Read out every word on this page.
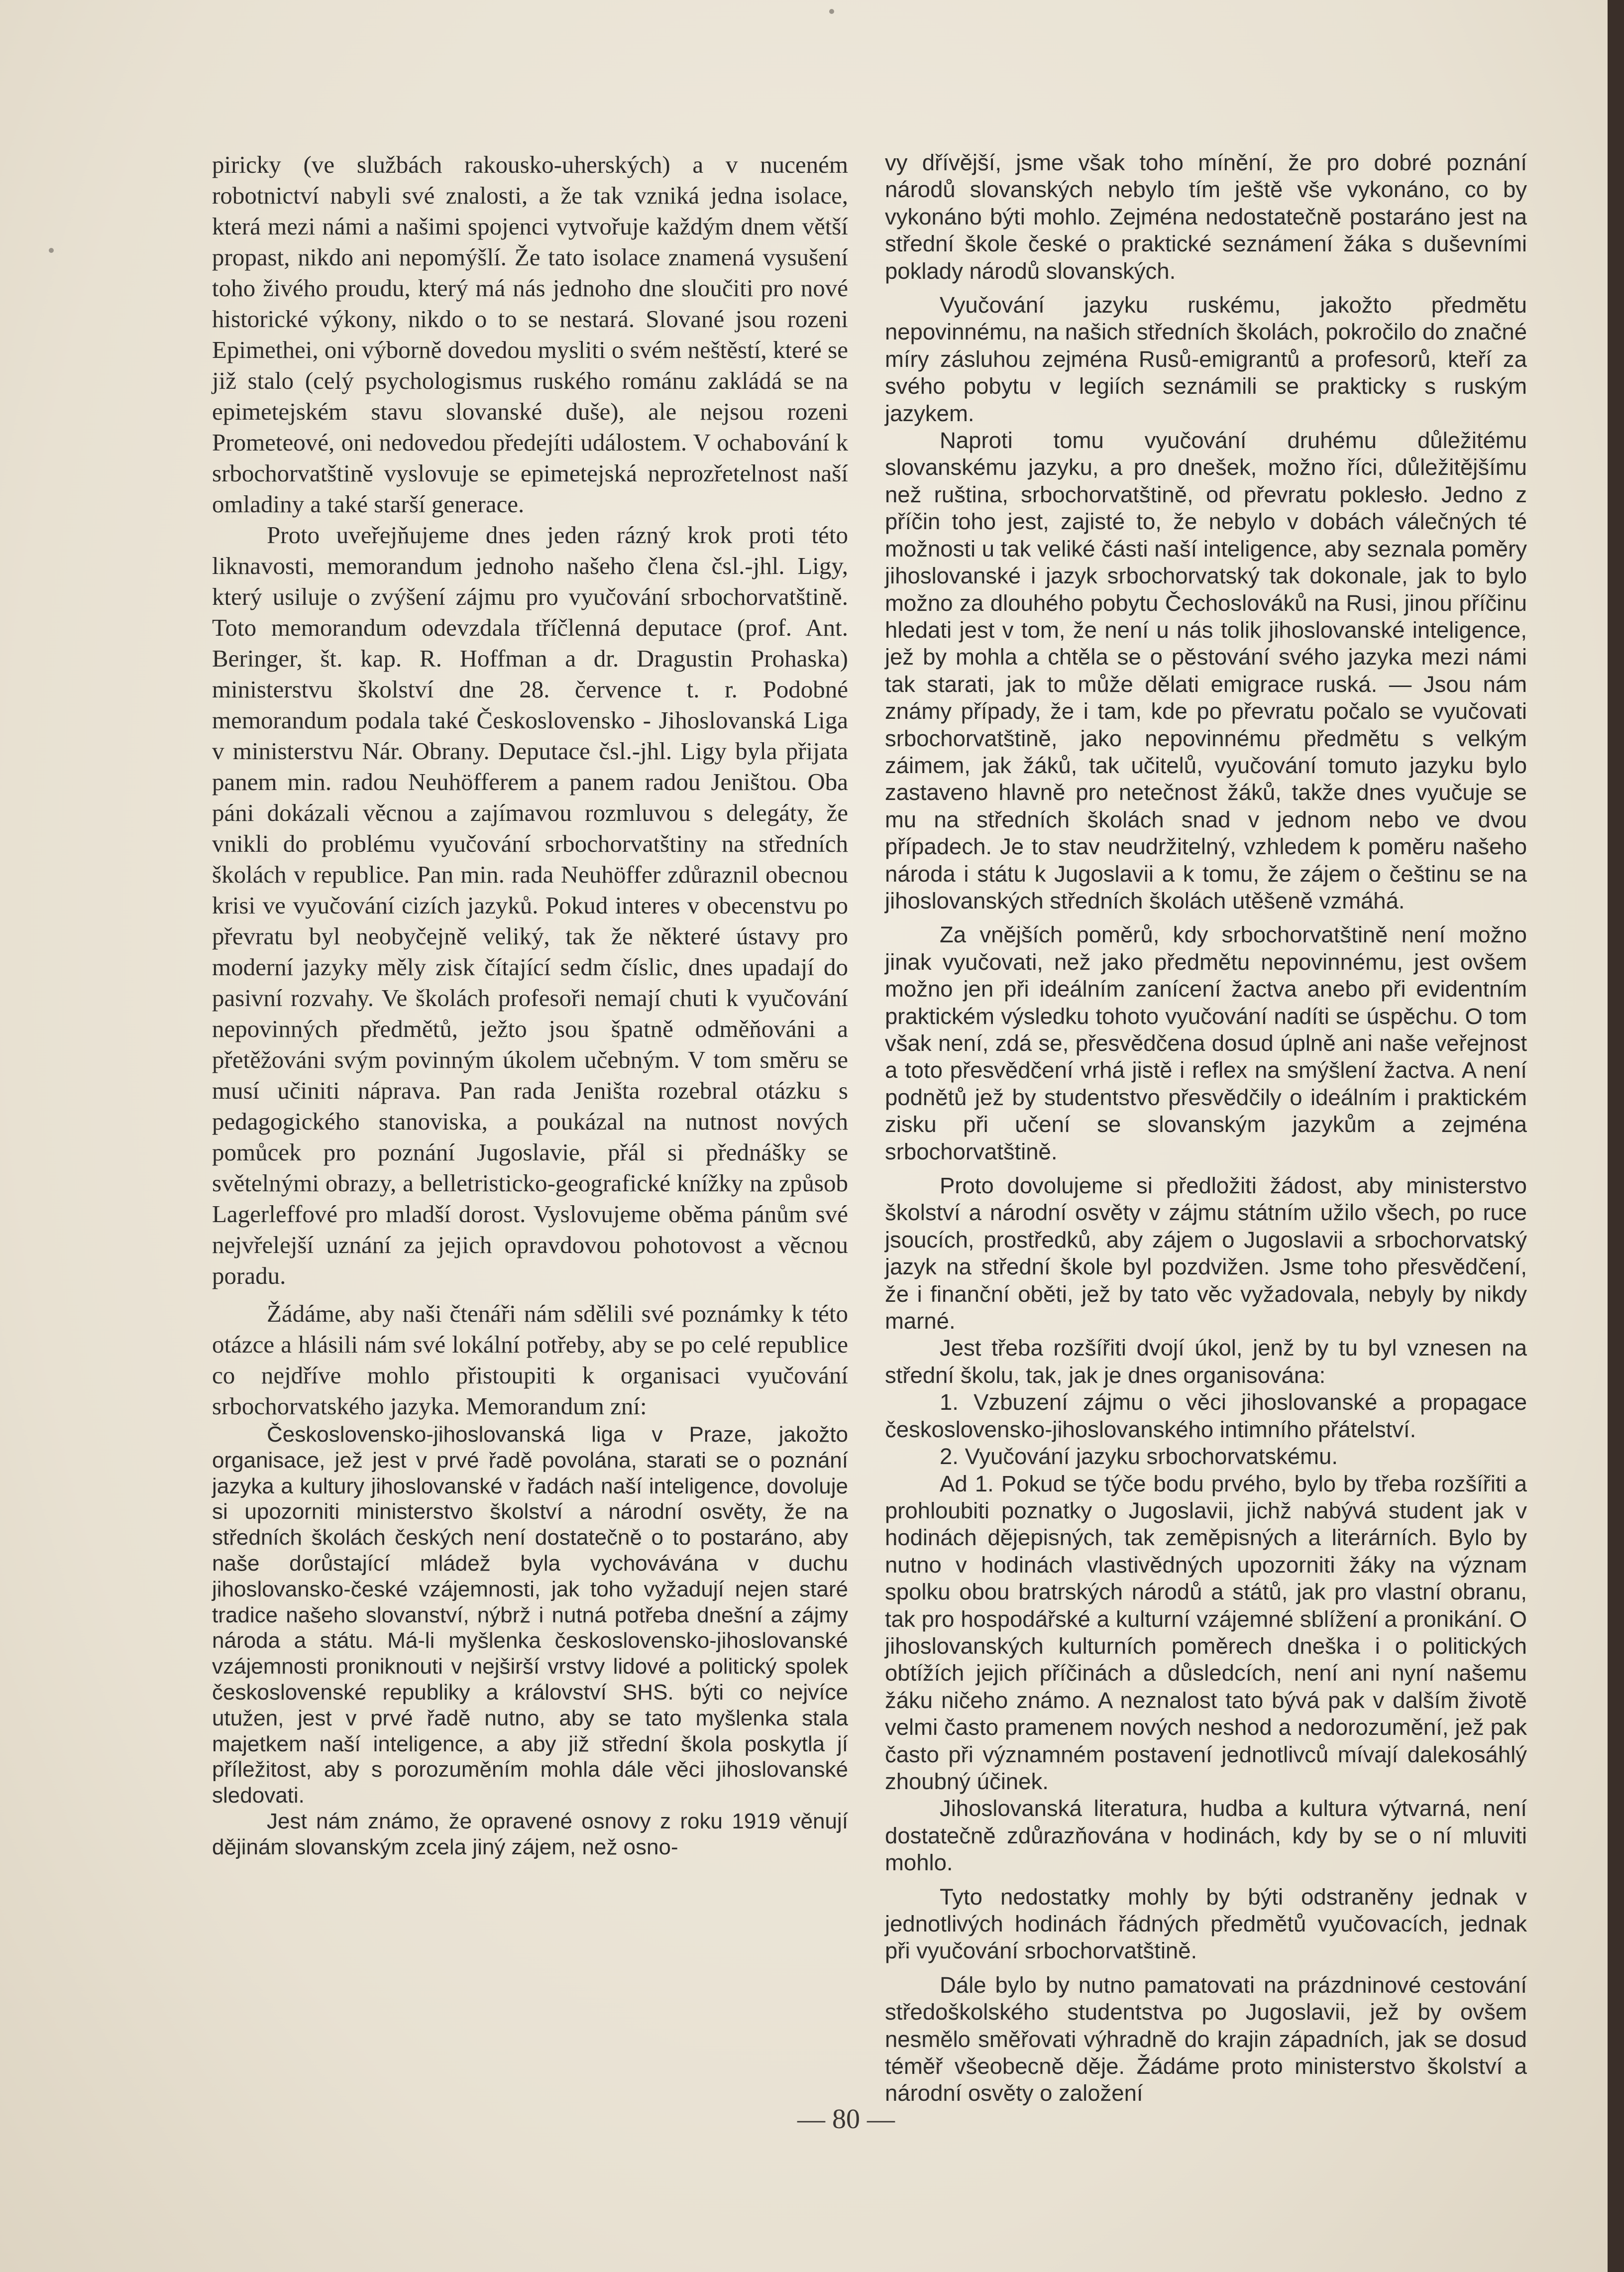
piricky (ve službách rakousko-uherských) a v nuceném robotnictví nabyli své znalosti, a že tak vzniká jedna isolace, která mezi námi a našimi spojenci vytvořuje každým dnem větší propast, nikdo ani nepomýšlí. Že tato isolace znamená vysušení toho živého proudu, který má nás jednoho dne sloučiti pro nové historické výkony, nikdo o to se nestará. Slované jsou rozeni Epimethei, oni výborně dovedou mysliti o svém neštěstí, které se již stalo (celý psychologismus ruského románu zakládá se na epimetejském stavu slovanské duše), ale nejsou rozeni Prometeové, oni nedovedou předejíti událostem. V ochabování k srbochorvatštině vyslovuje se epimetejská neprozřetelnost naší omladiny a také starší generace.

Proto uveřejňujeme dnes jeden rázný krok proti této liknavosti, memorandum jednoho našeho člena čsl.-jhl. Ligy, který usiluje o zvýšení zájmu pro vyučování srbochorvatštině. Toto memorandum odevzdala tříčlenná deputace (prof. Ant. Beringer, št. kap. R. Hoffman a dr. Dragustin Prohaska) ministerstvu školství dne 28. července t. r. Podobné memorandum podala také Československo - Jihoslovanská Liga v ministerstvu Nár. Obrany. Deputace čsl.-jhl. Ligy byla přijata panem min. radou Neuhöfferem a panem radou Jeništou. Oba páni dokázali věcnou a zajímavou rozmluvou s delegáty, že vnikli do problému vyučování srbochorvatštiny na středních školách v republice. Pan min. rada Neuhöffer zdůraznil obecnou krisi ve vyučování cizích jazyků. Pokud interes v obecenstvu po převratu byl neobyčejně veliký, tak že některé ústavy pro moderní jazyky měly zisk čítající sedm číslic, dnes upadají do pasivní rozvahy. Ve školách profesoři nemají chuti k vyučování nepovinných předmětů, ježto jsou špatně odměňováni a přetěžováni svým povinným úkolem učebným. V tom směru se musí učiniti náprava. Pan rada Jeništa rozebral otázku s pedagogického stanoviska, a poukázal na nutnost nových pomůcek pro poznání Jugoslavie, přál si přednášky se světelnými obrazy, a belletristicko-geografické knížky na způsob Lagerleffové pro mladší dorost. Vyslovujeme oběma pánům své nejvřelejší uznání za jejich opravdovou pohotovost a věcnou poradu.

Žádáme, aby naši čtenáři nám sdělili své poznámky k této otázce a hlásili nám své lokální potřeby, aby se po celé republice co nejdříve mohlo přistoupiti k organisaci vyučování srbochorvatského jazyka. Memorandum zní:

Československo-jihoslovanská liga v Praze, jakožto organisace, jež jest v prvé řadě povolána, starati se o poznání jazyka a kultury jihoslovanské v řadách naší inteligence, dovoluje si upozorniti ministerstvo školství a národní osvěty, že na středních školách českých není dostatečně o to postaráno, aby naše dorůstající mládež byla vychovávána v duchu jihoslovansko-české vzájemnosti, jak toho vyžadují nejen staré tradice našeho slovanství, nýbrž i nutná potřeba dnešní a zájmy národa a státu. Má-li myšlenka československo-jihoslovanské vzájemnosti proniknouti v nejširší vrstvy lidové a politický spolek československé republiky a království SHS. býti co nejvíce utužen, jest v prvé řadě nutno, aby se tato myšlenka stala majetkem naší inteligence, a aby již střední škola poskytla jí příležitost, aby s porozuměním mohla dále věci jihoslovanské sledovati.

Jest nám známo, že opravené osnovy z roku 1919 věnují dějinám slovanským zcela jiný zájem, než osno-

vy dřívější, jsme však toho mínění, že pro dobré poznání národů slovanských nebylo tím ještě vše vykonáno, co by vykonáno býti mohlo. Zejména nedostatečně postaráno jest na střední škole české o praktické seznámení žáka s duševními poklady národů slovanských.

Vyučování jazyku ruskému, jakožto předmětu nepovinnému, na našich středních školách, pokročilo do značné míry zásluhou zejména Rusů-emigrantů a profesorů, kteří za svého pobytu v legiích seznámili se prakticky s ruským jazykem.

Naproti tomu vyučování druhému důležitému slovanskému jazyku, a pro dnešek, možno říci, důležitějšímu než ruština, srbochorvatštině, od převratu poklesło. Jedno z příčin toho jest, zajisté to, že nebylo v dobách válečných té možnosti u tak veliké části naší inteligence, aby seznala poměry jihoslovanské i jazyk srbochorvatský tak dokonale, jak to bylo možno za dlouhého pobytu Čechoslováků na Rusi, jinou příčinu hledati jest v tom, že není u nás tolik jihoslovanské inteligence, jež by mohla a chtěla se o pěstování svého jazyka mezi námi tak starati, jak to může dělati emigrace ruská. — Jsou nám známy případy, že i tam, kde po převratu počalo se vyučovati srbochorvatštině, jako nepovinnému předmětu s velkým záimem, jak žáků, tak učitelů, vyučování tomuto jazyku bylo zastaveno hlavně pro netečnost žáků, takže dnes vyučuje se mu na středních školách snad v jednom nebo ve dvou případech. Je to stav neudržitelný, vzhledem k poměru našeho národa i státu k Jugoslavii a k tomu, že zájem o češtinu se na jihoslovanských středních školách utěšeně vzmáhá.

Za vnějších poměrů, kdy srbochorvatštině není možno jinak vyučovati, než jako předmětu nepovinnému, jest ovšem možno jen při ideálním zanícení žactva anebo při evidentním praktickém výsledku tohoto vyučování nadíti se úspěchu. O tom však není, zdá se, přesvědčena dosud úplně ani naše veřejnost a toto přesvědčení vrhá jistě i reflex na smýšlení žactva. A není podnětů jež by studentstvo přesvědčily o ideálním i praktickém zisku při učení se slovanským jazykům a zejména srbochorvatštině.

Proto dovolujeme si předložiti žádost, aby ministerstvo školství a národní osvěty v zájmu státním užilo všech, po ruce jsoucích, prostředků, aby zájem o Jugoslavii a srbochorvatský jazyk na střední škole byl pozdvižen. Jsme toho přesvědčení, že i finanční oběti, jež by tato věc vyžadovala, nebyly by nikdy marné.

Jest třeba rozšířiti dvojí úkol, jenž by tu byl vznesen na střední školu, tak, jak je dnes organisována:

1. Vzbuzení zájmu o věci jihoslovanské a propagace československo-jihoslovanského intimního přátelství.

2. Vyučování jazyku srbochorvatskému.

Ad 1. Pokud se týče bodu prvého, bylo by třeba rozšířiti a prohloubiti poznatky o Jugoslavii, jichž nabývá student jak v hodinách dějepisných, tak zeměpisných a literárních. Bylo by nutno v hodinách vlastivědných upozorniti žáky na význam spolku obou bratrských národů a států, jak pro vlastní obranu, tak pro hospodářské a kulturní vzájemné sblížení a pronikání. O jihoslovanských kulturních poměrech dneška i o politických obtížích jejich příčinách a důsledcích, není ani nyní našemu žáku ničeho známo. A neznalost tato bývá pak v dalším životě velmi často pramenem nových neshod a nedorozumění, jež pak často při významném postavení jednotlivců mívají dalekosáhlý zhoubný účinek.

Jihoslovanská literatura, hudba a kultura výtvarná, není dostatečně zdůrazňována v hodinách, kdy by se o ní mluviti mohlo.

Tyto nedostatky mohly by býti odstraněny jednak v jednotlivých hodinách řádných předmětů vyučovacích, jednak při vyučování srbochorvatštině.

Dále bylo by nutno pamatovati na prázdninové cestování středoškolského studentstva po Jugoslavii, jež by ovšem nesmělo směřovati výhradně do krajin západních, jak se dosud téměř všeobecně děje. Žádáme proto ministerstvo školství a národní osvěty o založení

— 80 —
